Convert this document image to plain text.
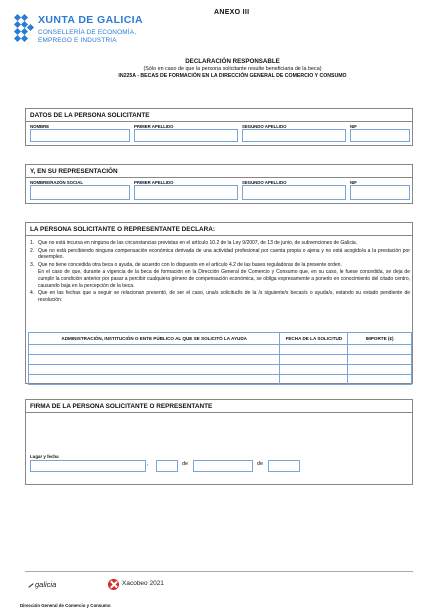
XUNTA DE GALICIA
CONSELLERÍA DE ECONOMÍA,
EMPREGO E INDUSTRIA
ANEXO III
DECLARACIÓN RESPONSABLE
(Sólo en caso de que la persona solicitante resulte beneficiaria de la beca)
IN225A - BECAS DE FORMACIÓN EN LA DIRECCIÓN GENERAL DE COMERCIO Y CONSUMO
DATOS DE LA PERSONA SOLICITANTE
NOMBRE	PRIMER APELLIDO	SEGUNDO APELLIDO	NIF
Y, EN SU REPRESENTACIÓN
NOMBRE/RAZÓN SOCIAL	PRIMER APELLIDO	SEGUNDO APELLIDO	NIF
LA PERSONA SOLICITANTE O REPRESENTANTE DECLARA:
1. Que no está incursa en ninguna de las circunstancias previstas en el artículo 10.2 de la Ley 9/2007, de 13 de junio, de subvenciones de Galicia.
2. Que no está percibiendo ninguna compensación económica derivada de una actividad profesional por cuenta propia o ajena y no está acogido/a a la prestación por desempleo.
3. Que no tiene concedida otra beca o ayuda, de acuerdo con lo dispuesto en el artículo 4.2 de las bases reguladoras de la presente orden.
En el caso de que, durante a vigencia de la beca de formación en la Dirección General de Comercio y Consumo que, en su caso, le fuese concedida, se deja de cumplir la condición anterior por pasar a percibir cualquiera género de compensación económica, se obliga expresamente a ponerlo en conocimiento del citado centro, causando baja en la percepción de la beca.
4. Que en las fechas que a seguir se relacionan presentó, de ser el caso, una/s solicitud/s de la /s siguiente/s becas/s o ayuda/s, estando su estado pendiente de resolución:
ADMINISTRACIÓN, INSTITUCIÓN O ENTE PÚBLICO AL QUE SE SOLICITÓ LA AYUDA	FECHA DE LA SOLICITUD	IMPORTE (€)

FIRMA DE LA PERSONA SOLICITANTE O REPRESENTANTE
Lugar y fecha
,	de	de
galicia	Xacobeo 2021
Dirección General de Comercio y Consumo
